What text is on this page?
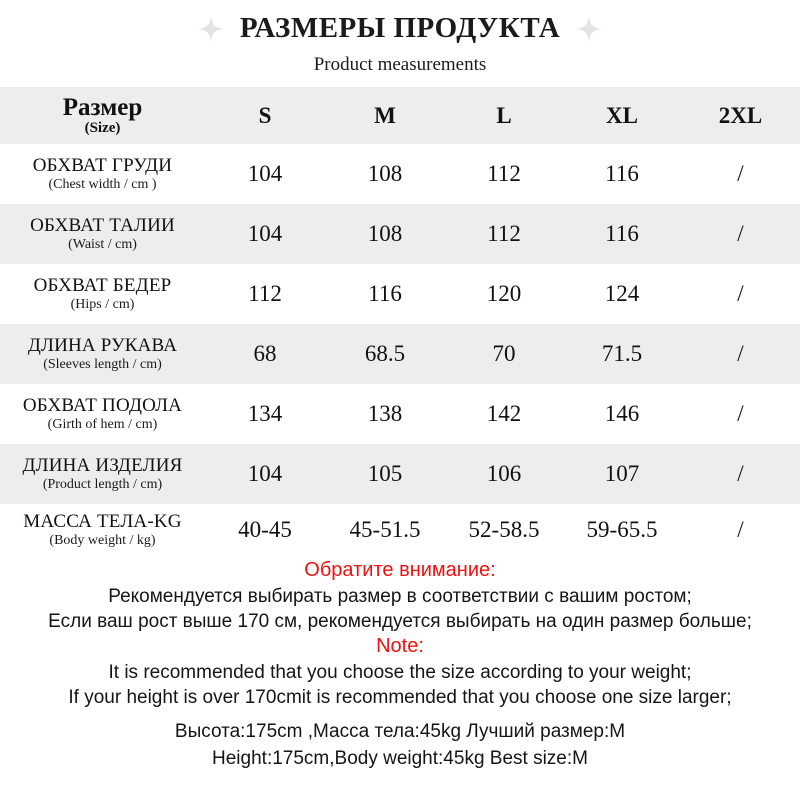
РАЗМЕРЫ ПРОДУКТА
Product measurements
Размер
(Size)	S	M	L	XL	2XL

ОБХВАТ ГРУДИ
(Chest width / cm )	104	108	112	116	/

ОБХВАТ ТАЛИИ
(Waist / cm)	104	108	112	116	/

ОБХВАТ БЕДЕР
(Hips / cm)	112	116	120	124	/

ДЛИНА РУКАВА
(Sleeves length / cm)	68	68.5	70	71.5	/

ОБХВАТ ПОДОЛА
(Girth of hem / cm)	134	138	142	146	/

ДЛИНА ИЗДЕЛИЯ
(Product length / cm)	104	105	106	107	/

МАССА ТЕЛА-KG
(Body weight / kg)	40-45	45-51.5	52-58.5	59-65.5	/
Обратите внимание:
Рекомендуется выбирать размер в соответствии с вашим ростом;
Если ваш рост выше 170 см, рекомендуется выбирать на один размер больше;
Note:
It is recommended that you choose the size according to your weight;
If your height is over 170cmit is recommended that you choose one size larger;
Высота:175cm ,Масса тела:45kg Лучший размер:M
Height:175cm,Body weight:45kg Best size:M
